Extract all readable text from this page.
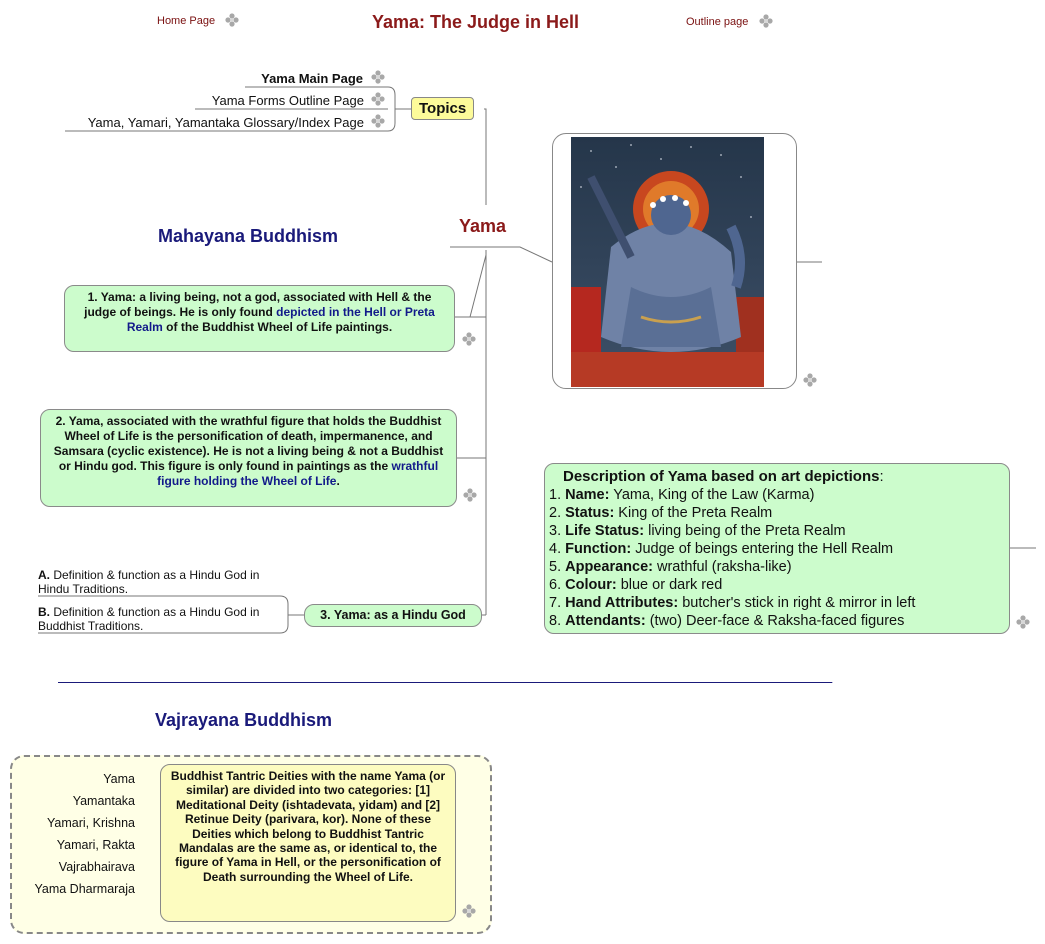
Home Page	Yama: The Judge in Hell	Outline page
Yama Main Page
Yama Forms Outline Page
Yama, Yamari, Yamantaka Glossary/Index Page
Topics
Yama
Mahayana Buddhism
1. Yama: a living being, not a god, associated with Hell & the judge of beings. He is only found depicted in the Hell or Preta Realm of the Buddhist Wheel of Life paintings.
2. Yama, associated with the wrathful figure that holds the Buddhist Wheel of Life is the personification of death, impermanence, and Samsara (cyclic existence). He is not a living being & not a Buddhist or Hindu god. This figure is only found in paintings as the wrathful figure holding the Wheel of Life.
A. Definition & function as a Hindu God in Hindu Traditions.
B. Definition & function as a Hindu God in Buddhist Traditions.
3. Yama: as a Hindu God
Description of Yama based on art depictions:
1. Name: Yama, King of the Law (Karma)
2. Status: King of the Preta Realm
3. Life Status: living being of the Preta Realm
4. Function: Judge of beings entering the Hell Realm
5. Appearance: wrathful (raksha-like)
6. Colour: blue or dark red
7. Hand Attributes: butcher's stick in right & mirror in left
8. Attendants: (two) Deer-face & Raksha-faced figures
_______________________________________________________________________________________
Vajrayana Buddhism
Yama
Yamantaka
Yamari, Krishna
Yamari, Rakta
Vajrabhairava
Yama Dharmaraja
Buddhist Tantric Deities with the name Yama (or similar) are divided into two categories: [1] Meditational Deity (ishtadevata, yidam) and [2] Retinue Deity (parivara, kor). None of these Deities which belong to Buddhist Tantric Mandalas are the same as, or identical to, the figure of Yama in Hell, or the personification of Death surrounding the Wheel of Life.
